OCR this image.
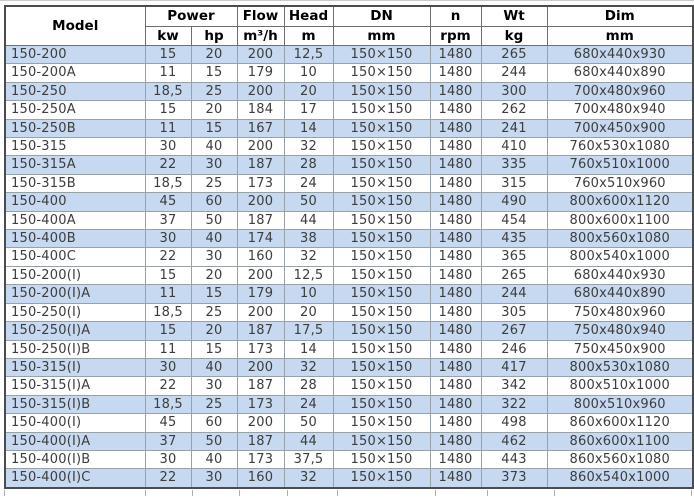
Model	Power		Flow	Head	DN	n	Wt	Dim
	kw	hp	m³/h	m	mm	rpm	kg	mm
150-200	15	20	200	12,5	150×150	1480	265	680x440x930
150-200A	11	15	179	10	150×150	1480	244	680x440x890
150-250	18,5	25	200	20	150×150	1480	300	700x480x960
150-250A	15	20	184	17	150×150	1480	262	700x480x940
150-250B	11	15	167	14	150×150	1480	241	700x450x900
150-315	30	40	200	32	150×150	1480	410	760x530x1080
150-315A	22	30	187	28	150×150	1480	335	760x510x1000
150-315B	18,5	25	173	24	150×150	1480	315	760x510x960
150-400	45	60	200	50	150×150	1480	490	800x600x1120
150-400A	37	50	187	44	150×150	1480	454	800x600x1100
150-400B	30	40	174	38	150×150	1480	435	800x560x1080
150-400C	22	30	160	32	150×150	1480	365	800x540x1000
150-200(I)	15	20	200	12,5	150×150	1480	265	680x440x930
150-200(I)A	11	15	179	10	150×150	1480	244	680x440x890
150-250(I)	18,5	25	200	20	150×150	1480	305	750x480x960
150-250(I)A	15	20	187	17,5	150×150	1480	267	750x480x940
150-250(I)B	11	15	173	14	150×150	1480	246	750x450x900
150-315(I)	30	40	200	32	150×150	1480	417	800x530x1080
150-315(I)A	22	30	187	28	150×150	1480	342	800x510x1000
150-315(I)B	18,5	25	173	24	150×150	1480	322	800x510x960
150-400(I)	45	60	200	50	150×150	1480	498	860x600x1120
150-400(I)A	37	50	187	44	150×150	1480	462	860x600x1100
150-400(I)B	30	40	173	37,5	150×150	1480	443	860x560x1080
150-400(I)C	22	30	160	32	150×150	1480	373	860x540x1000
